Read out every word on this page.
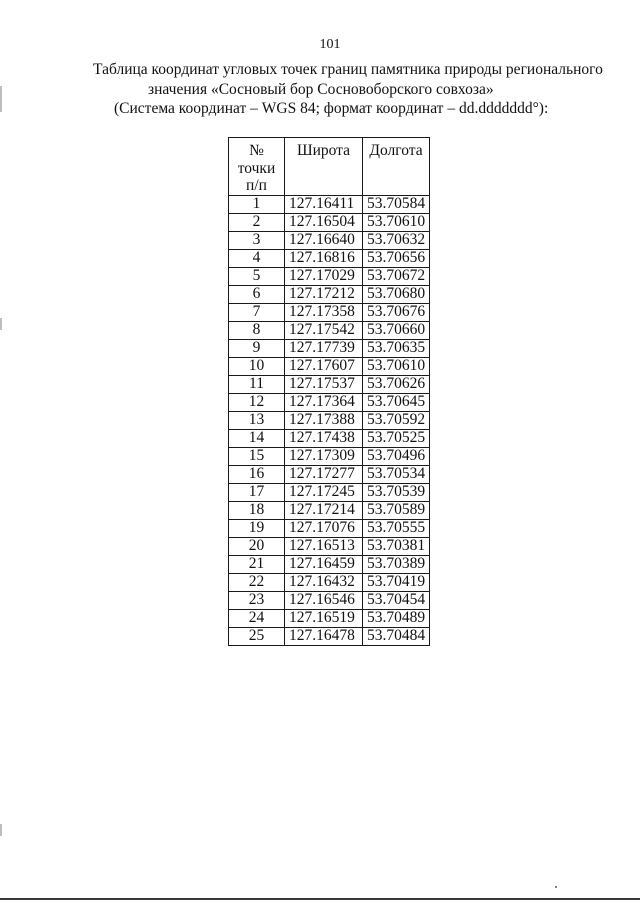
101
Таблица координат угловых точек границ памятника природы регионального
значения «Сосновый бор Сосновоборского совхоза»
(Система координат – WGS 84; формат координат – dd.ddddddd°):
№
точки
п/п	Широта	Долгота
1	127.16411	53.70584
2	127.16504	53.70610
3	127.16640	53.70632
4	127.16816	53.70656
5	127.17029	53.70672
6	127.17212	53.70680
7	127.17358	53.70676
8	127.17542	53.70660
9	127.17739	53.70635
10	127.17607	53.70610
11	127.17537	53.70626
12	127.17364	53.70645
13	127.17388	53.70592
14	127.17438	53.70525
15	127.17309	53.70496
16	127.17277	53.70534
17	127.17245	53.70539
18	127.17214	53.70589
19	127.17076	53.70555
20	127.16513	53.70381
21	127.16459	53.70389
22	127.16432	53.70419
23	127.16546	53.70454
24	127.16519	53.70489
25	127.16478	53.70484
